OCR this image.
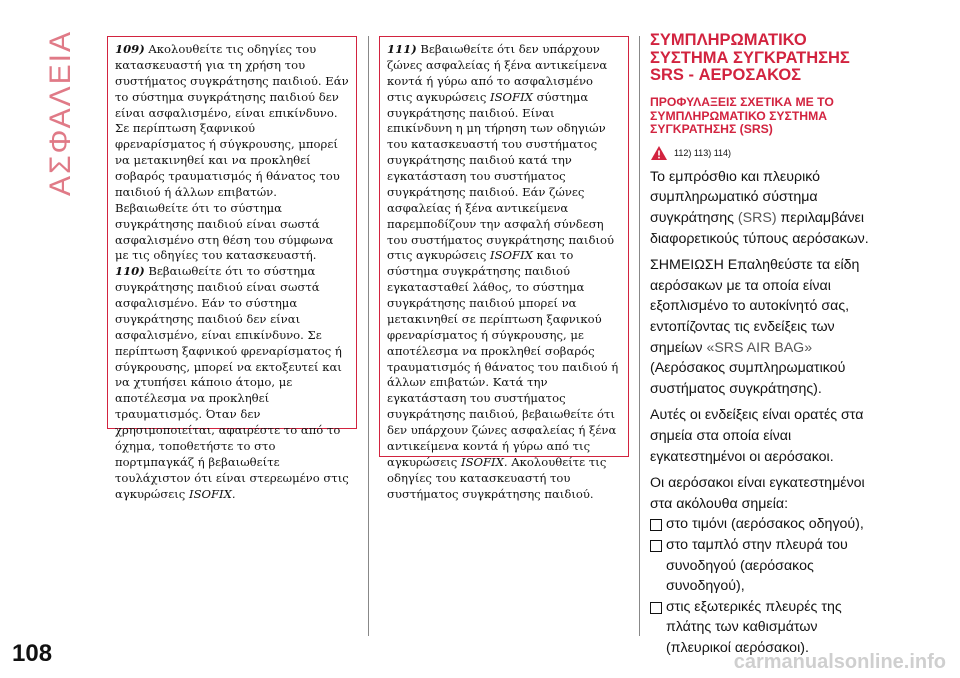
ΑΣΦΑΛΕΙΑ
108	carmanualsonline.info

109) Ακολουθείτε τις οδηγίες του κατασκευαστή για τη χρήση του συστήματος συγκράτησης παιδιού. Εάν το σύστημα συγκράτησης παιδιού δεν είναι ασφαλισμένο, είναι επικίνδυνο. Σε περίπτωση ξαφνικού φρεναρίσματος ή σύγκρουσης, μπορεί να μετακινηθεί και να προκληθεί σοβαρός τραυματισμός ή θάνατος του παιδιού ή άλλων επιβατών. Βεβαιωθείτε ότι το σύστημα συγκράτησης παιδιού είναι σωστά ασφαλισμένο στη θέση του σύμφωνα με τις οδηγίες του κατασκευαστή.

110) Βεβαιωθείτε ότι το σύστημα συγκράτησης παιδιού είναι σωστά ασφαλισμένο. Εάν το σύστημα συγκράτησης παιδιού δεν είναι ασφαλισμένο, είναι επικίνδυνο. Σε περίπτωση ξαφνικού φρεναρίσματος ή σύγκρουσης, μπορεί να εκτοξευτεί και να χτυπήσει κάποιο άτομο, με αποτέλεσμα να προκληθεί τραυματισμός. Όταν δεν χρησιμοποιείται, αφαιρέστε το από το όχημα, τοποθετήστε το στο πορτμπαγκάζ ή βεβαιωθείτε τουλάχιστον ότι είναι στερεωμένο στις αγκυρώσεις ISOFIX.

111) Βεβαιωθείτε ότι δεν υπάρχουν ζώνες ασφαλείας ή ξένα αντικείμενα κοντά ή γύρω από το ασφαλισμένο στις αγκυρώσεις ISOFIX σύστημα συγκράτησης παιδιού. Είναι επικίνδυνη η μη τήρηση των οδηγιών του κατασκευαστή του συστήματος συγκράτησης παιδιού κατά την εγκατάσταση του συστήματος συγκράτησης παιδιού. Εάν ζώνες ασφαλείας ή ξένα αντικείμενα παρεμποδίζουν την ασφαλή σύνδεση του συστήματος συγκράτησης παιδιού στις αγκυρώσεις ISOFIX και το σύστημα συγκράτησης παιδιού εγκατασταθεί λάθος, το σύστημα συγκράτησης παιδιού μπορεί να μετακινηθεί σε περίπτωση ξαφνικού φρεναρίσματος ή σύγκρουσης, με αποτέλεσμα να προκληθεί σοβαρός τραυματισμός ή θάνατος του παιδιού ή άλλων επιβατών. Κατά την εγκατάσταση του συστήματος συγκράτησης παιδιού, βεβαιωθείτε ότι δεν υπάρχουν ζώνες ασφαλείας ή ξένα αντικείμενα κοντά ή γύρω από τις αγκυρώσεις ISOFIX. Ακολουθείτε τις οδηγίες του κατασκευαστή του συστήματος συγκράτησης παιδιού.

ΣΥΜΠΛΗΡΩΜΑΤΙΚΟ ΣΥΣΤΗΜΑ ΣΥΓΚΡΑΤΗΣΗΣ SRS - ΑΕΡΟΣΑΚΟΣ
ΠΡΟΦΥΛΑΞΕΙΣ ΣΧΕΤΙΚΑ ΜΕ ΤΟ ΣΥΜΠΛΗΡΩΜΑΤΙΚΟ ΣΥΣΤΗΜΑ ΣΥΓΚΡΑΤΗΣΗΣ (SRS)
112) 113) 114)

Το εμπρόσθιο και πλευρικό συμπληρωματικό σύστημα συγκράτησης (SRS) περιλαμβάνει διαφορετικούς τύπους αερόσακων.

ΣΗΜΕΙΩΣΗ Επαληθεύστε τα είδη αερόσακων με τα οποία είναι εξοπλισμένο το αυτοκίνητό σας, εντοπίζοντας τις ενδείξεις των σημείων «SRS AIR BAG» (Αερόσακος συμπληρωματικού συστήματος συγκράτησης).

Αυτές οι ενδείξεις είναι ορατές στα σημεία στα οποία είναι εγκατεστημένοι οι αερόσακοι.

Οι αερόσακοι είναι εγκατεστημένοι στα ακόλουθα σημεία:

στο τιμόνι (αερόσακος οδηγού),
στο ταμπλό στην πλευρά του συνοδηγού (αερόσακος συνοδηγού),
στις εξωτερικές πλευρές της πλάτης των καθισμάτων (πλευρικοί αερόσακοι).
